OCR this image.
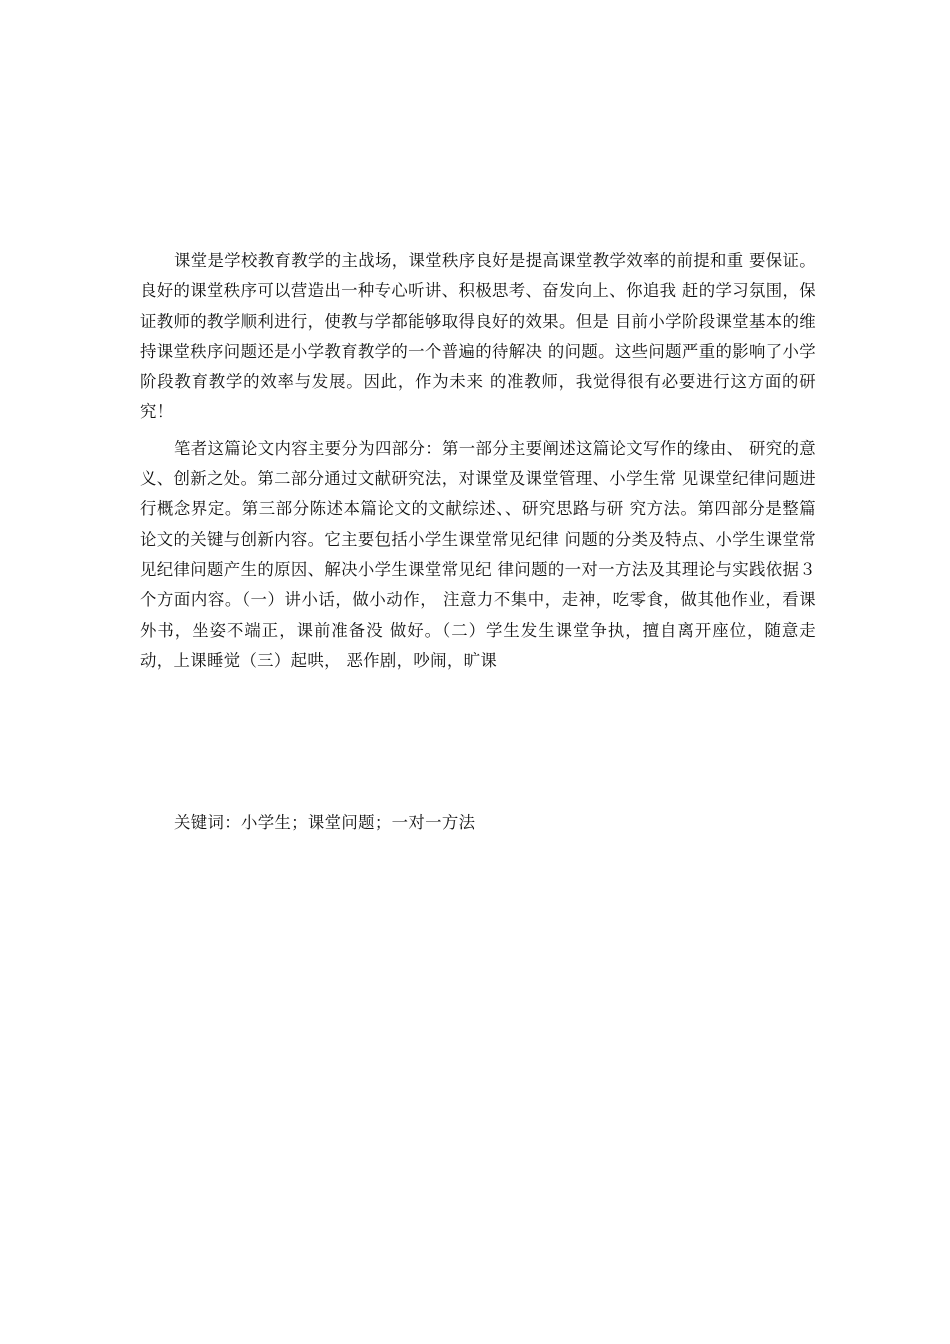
课堂是学校教育教学的主战场，课堂秩序良好是提高课堂教学效率的前提和重 要保证。良好的课堂秩序可以营造出一种专心听讲、积极思考、奋发向上、你追我 赶的学习氛围，保证教师的教学顺利进行，使教与学都能够取得良好的效果。但是 目前小学阶段课堂基本的维持课堂秩序问题还是小学教育教学的一个普遍的待解决 的问题。这些问题严重的影响了小学阶段教育教学的效率与发展。因此，作为未来 的准教师，我觉得很有必要进行这方面的研究！

笔者这篇论文内容主要分为四部分：第一部分主要阐述这篇论文写作的缘由、 研究的意义、创新之处。第二部分通过文献研究法，对课堂及课堂管理、小学生常 见课堂纪律问题进行概念界定。第三部分陈述本篇论文的文献综述、、研究思路与研 究方法。第四部分是整篇论文的关键与创新内容。它主要包括小学生课堂常见纪律 问题的分类及特点、小学生课堂常见纪律问题产生的原因、解决小学生课堂常见纪 律问题的一对一方法及其理论与实践依据３个方面内容。（一）讲小话，做小动作， 注意力不集中，走神，吃零食，做其他作业，看课外书，坐姿不端正，课前准备没 做好。（二）学生发生课堂争执，擅自离开座位，随意走动，上课睡觉（三）起哄， 恶作剧，吵闹，旷课

关键词：小学生；课堂问题；一对一方法
